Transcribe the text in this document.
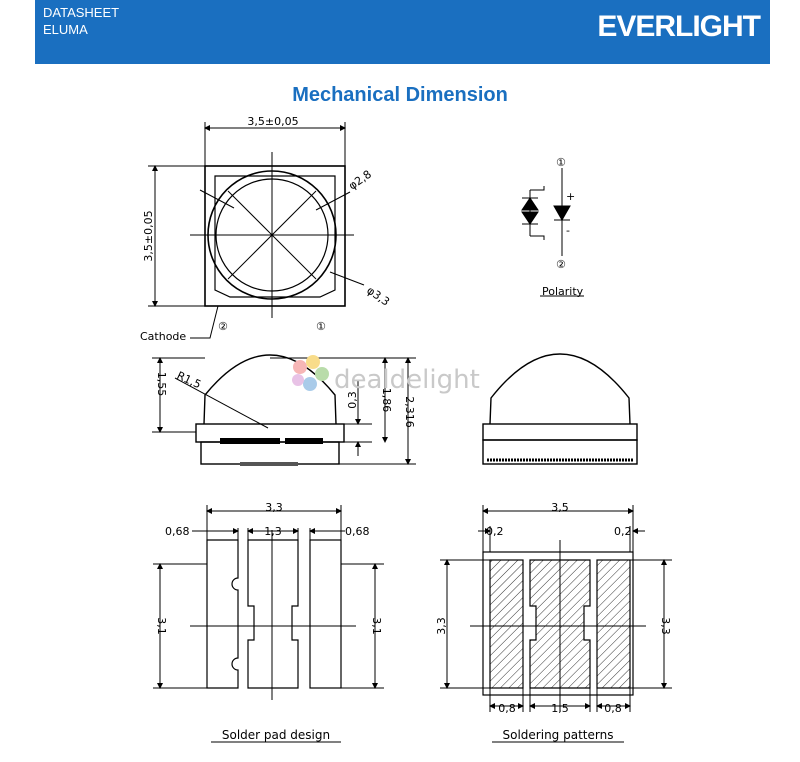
DATASHEET
ELUMA	EVERLIGHT
Mechanical Dimension
3,5±0,05
3,5±0,05
φ2,8
φ3,3
Cathode
②	①
①
②
+
-
Polarity
R1,5
1,55
0,3 1,86 2,316
dealdelight
3,3
0,68	1,3	0,68
3,1	3,1
Solder pad design
3,5
0,2	0,2
3,3	3,3
0,8	1,5	0,8
Soldering patterns
